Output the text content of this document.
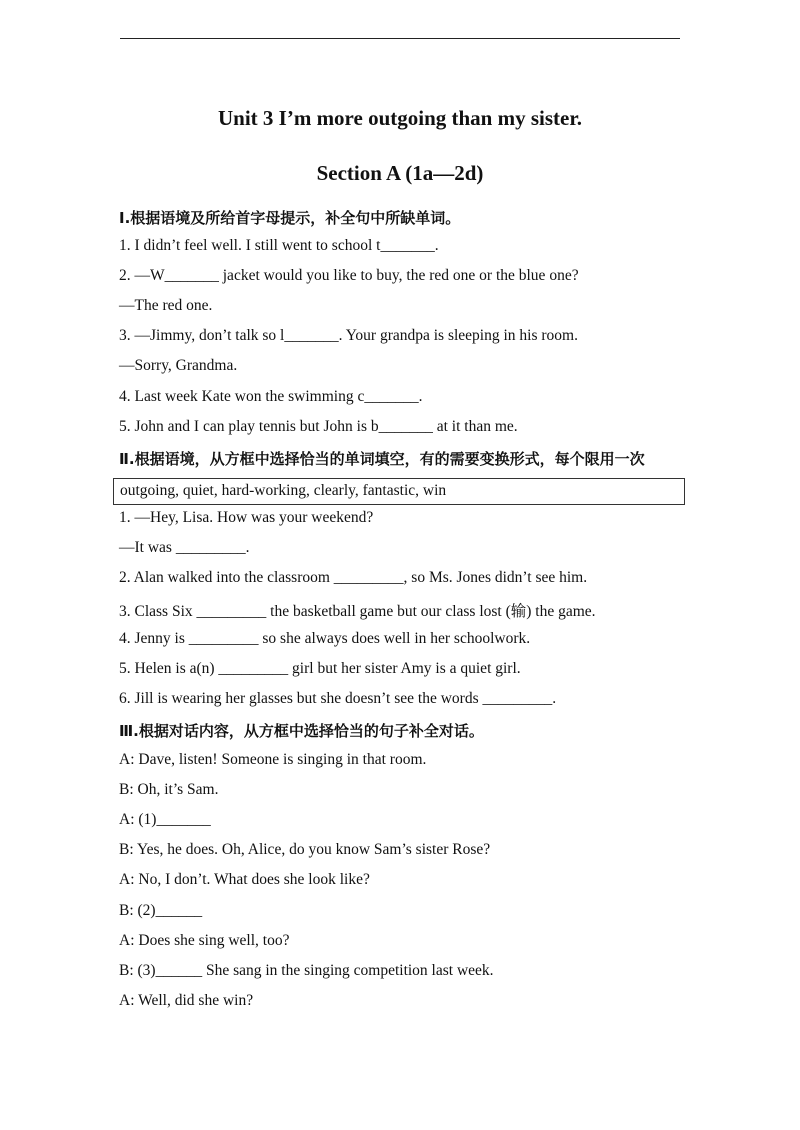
Unit 3 I’m more outgoing than my sister.
Section A (1a—2d)
Ⅰ.根据语境及所给首字母提示，补全句中所缺单词。
1. I didn’t feel well. I still went to school t_______.
2. —W_______ jacket would you like to buy, the red one or the blue one?
—The red one.
3. —Jimmy, don’t talk so l_______. Your grandpa is sleeping in his room.
—Sorry, Grandma.
4. Last week Kate won the swimming c_______.
5. John and I can play tennis but John is b_______ at it than me.
Ⅱ.根据语境，从方框中选择恰当的单词填空，有的需要变换形式，每个限用一次
outgoing, quiet, hard-working, clearly, fantastic, win
1. —Hey, Lisa. How was your weekend?
—It was _________.
2. Alan walked into the classroom _________, so Ms. Jones didn’t see him.
3. Class Six _________ the basketball game but our class lost (输) the game.
4. Jenny is _________ so she always does well in her schoolwork.
5. Helen is a(n) _________ girl but her sister Amy is a quiet girl.
6. Jill is wearing her glasses but she doesn’t see the words _________.
Ⅲ.根据对话内容，从方框中选择恰当的句子补全对话。
A: Dave, listen! Someone is singing in that room.
B: Oh, it’s Sam.
A: (1)_______
B: Yes, he does. Oh, Alice, do you know Sam’s sister Rose?
A: No, I don’t. What does she look like?
B: (2)______
A: Does she sing well, too?
B: (3)______ She sang in the singing competition last week.
A: Well, did she win?
